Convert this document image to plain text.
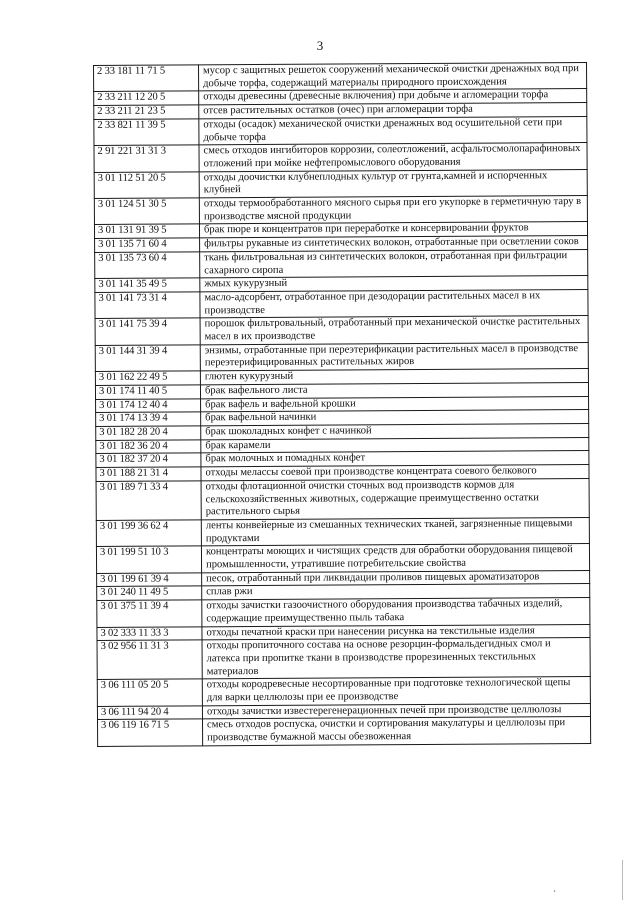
3
2 33 181 11 71 5	мусор с защитных решеток сооружений механической очистки дренажных вод при добыче торфа, содержащий материалы природного происхождения
2 33 211 12 20 5	отходы древесины (древесные включения) при добыче и агломерации торфа
2 33 211 21 23 5	отсев растительных остатков (очес) при агломерации торфа
2 33 821 11 39 5	отходы (осадок) механической очистки дренажных вод осушительной сети при добыче торфа
2 91 221 31 31 3	смесь отходов ингибиторов коррозии, солеотложений, асфальтосмолопарафиновых отложений при мойке нефтепромыслового оборудования
3 01 112 51 20 5	отходы доочистки клубнеплодных культур от грунта,камней и испорченных клубней
3 01 124 51 30 5	отходы термообработанного мясного сырья при его укупорке в герметичную тару в производстве мясной продукции
3 01 131 91 39 5	брак пюре и концентратов при переработке и консервировании фруктов
3 01 135 71 60 4	фильтры рукавные из синтетических волокон, отработанные при осветлении соков
3 01 135 73 60 4	ткань фильтровальная из синтетических волокон, отработанная при фильтрации сахарного сиропа
3 01 141 35 49 5	жмых кукурузный
3 01 141 73 31 4	масло-адсорбент, отработанное при дезодорации растительных масел в их производстве
3 01 141 75 39 4	порошок фильтровальный, отработанный при механической очистке растительных масел в их производстве
3 01 144 31 39 4	энзимы, отработанные при переэтерификации растительных масел в производстве переэтерифицированных растительных жиров
3 01 162 22 49 5	глютен кукурузный
3 01 174 11 40 5	брак вафельного листа
3 01 174 12 40 4	брак вафель и вафельной крошки
3 01 174 13 39 4	брак вафельной начинки
3 01 182 28 20 4	брак шоколадных конфет с начинкой
3 01 182 36 20 4	брак карамели
3 01 182 37 20 4	брак молочных и помадных конфет
3 01 188 21 31 4	отходы мелассы соевой при производстве концентрата соевого белкового
3 01 189 71 33 4	отходы флотационной очистки сточных вод производств кормов для сельскохозяйственных животных, содержащие преимущественно остатки растительного сырья
3 01 199 36 62 4	ленты конвейерные из смешанных технических тканей, загрязненные пищевыми продуктами
3 01 199 51 10 3	концентраты моющих и чистящих средств для обработки оборудования пищевой промышленности, утратившие потребительские свойства
3 01 199 61 39 4	песок, отработанный при ликвидации проливов пищевых ароматизаторов
3 01 240 11 49 5	сплав ржи
3 01 375 11 39 4	отходы зачистки газоочистного оборудования производства табачных изделий, содержащие преимущественно пыль табака
3 02 333 11 33 3	отходы печатной краски при нанесении рисунка на текстильные изделия
3 02 956 11 31 3	отходы пропиточного состава на основе резорцин-формальдегидных смол и латекса при пропитке ткани в производстве прорезиненных текстильных материалов
3 06 111 05 20 5	отходы кородревесные несортированные при подготовке технологической щепы для варки целлюлозы при ее производстве
3 06 111 94 20 4	отходы зачистки известерегенерационных печей при производстве целлюлозы
3 06 119 16 71 5	смесь отходов роспуска, очистки и сортирования макулатуры и целлюлозы при производстве бумажной массы обезвоженная
¸
